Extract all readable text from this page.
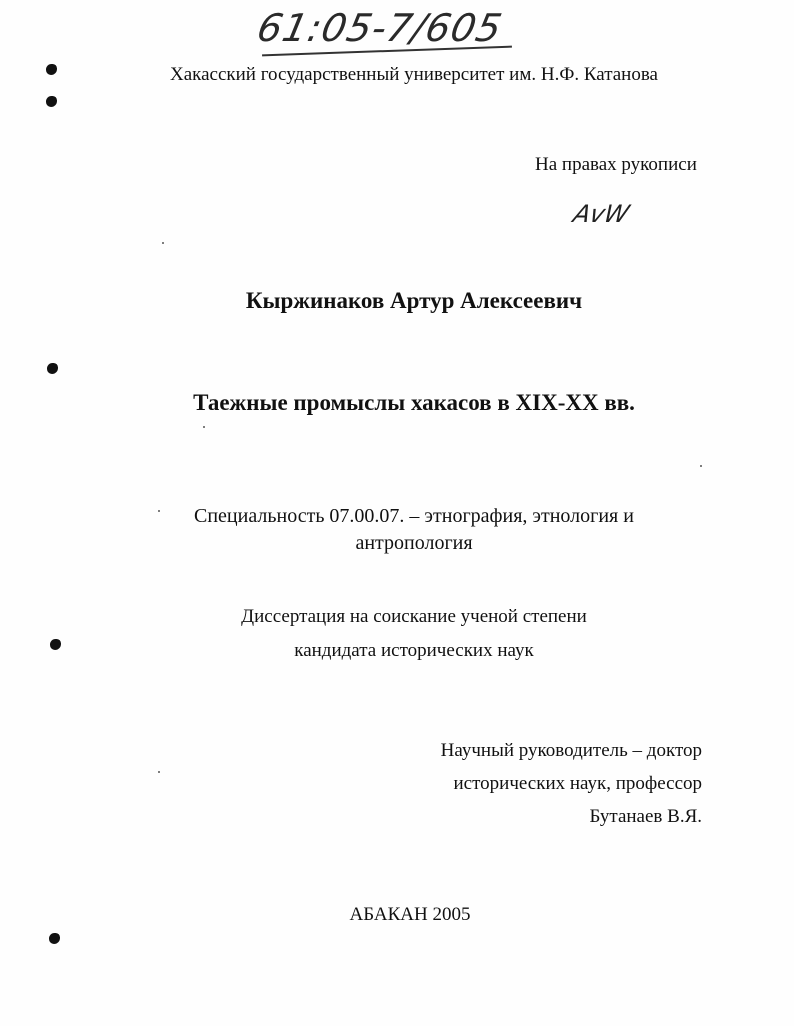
61:05-7/605
Хакасский государственный университет им. Н.Ф. Катанова
На правах рукописи
AvW
Кыржинаков Артур Алексеевич
Таежные промыслы хакасов в XIX-XX вв.
Специальность 07.00.07. – этнография, этнология и
антропология
Диссертация на соискание ученой степени
кандидата исторических наук
Научный руководитель – доктор
исторических наук, профессор
Бутанаев В.Я.
АБАКАН 2005
